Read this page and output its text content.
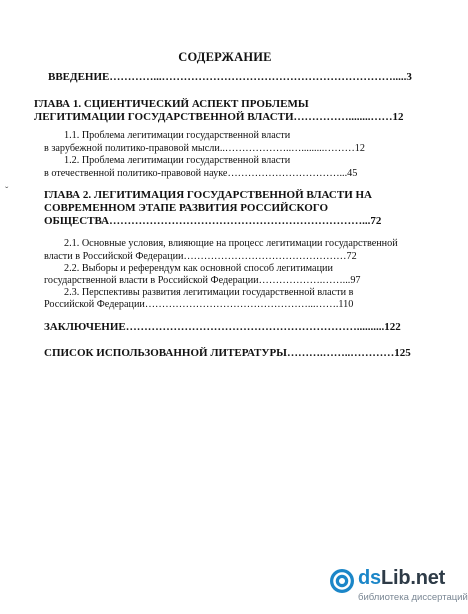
СОДЕРЖАНИЕ
ВВЕДЕНИЕ…………...……………………………………………………….....3
ГЛАВА 1. СЦИЕНТИЧЕСКИЙ АСПЕКТ ПРОБЛЕМЫ
ЛЕГИТИМАЦИИ ГОСУДАРСТВЕННОЙ ВЛАСТИ……………........……12
1.1. Проблема легитимации государственной власти
в зарубежной политико-правовой мысли..………………..….........………12
1.2. Проблема легитимации государственной власти
в отечественной политико-правовой науке……………………………...45
ˇ	ГЛАВА 2. ЛЕГИТИМАЦИЯ ГОСУДАРСТВЕННОЙ ВЛАСТИ НА
СОВРЕМЕННОМ ЭТАПЕ РАЗВИТИЯ РОССИЙСКОГО
ОБЩЕСТВА……………………………………………………………...72
2.1. Основные условия, влияющие на процесс легитимации государственной
власти в Российской Федерации…………………………………………72
2.2. Выборы и референдум как основной способ легитимации
государственной власти в Российской Федерации……………….……...97
2.3. Перспективы развития легитимации государственной власти в
Российской Федерации…………………………………………...…….110
ЗАКЛЮЧЕНИЕ………………………………………………………..........122
СПИСОК ИСПОЛЬЗОВАННОЙ ЛИТЕРАТУРЫ……….……..…………125
dsLib.net
библиотека диссертаций
